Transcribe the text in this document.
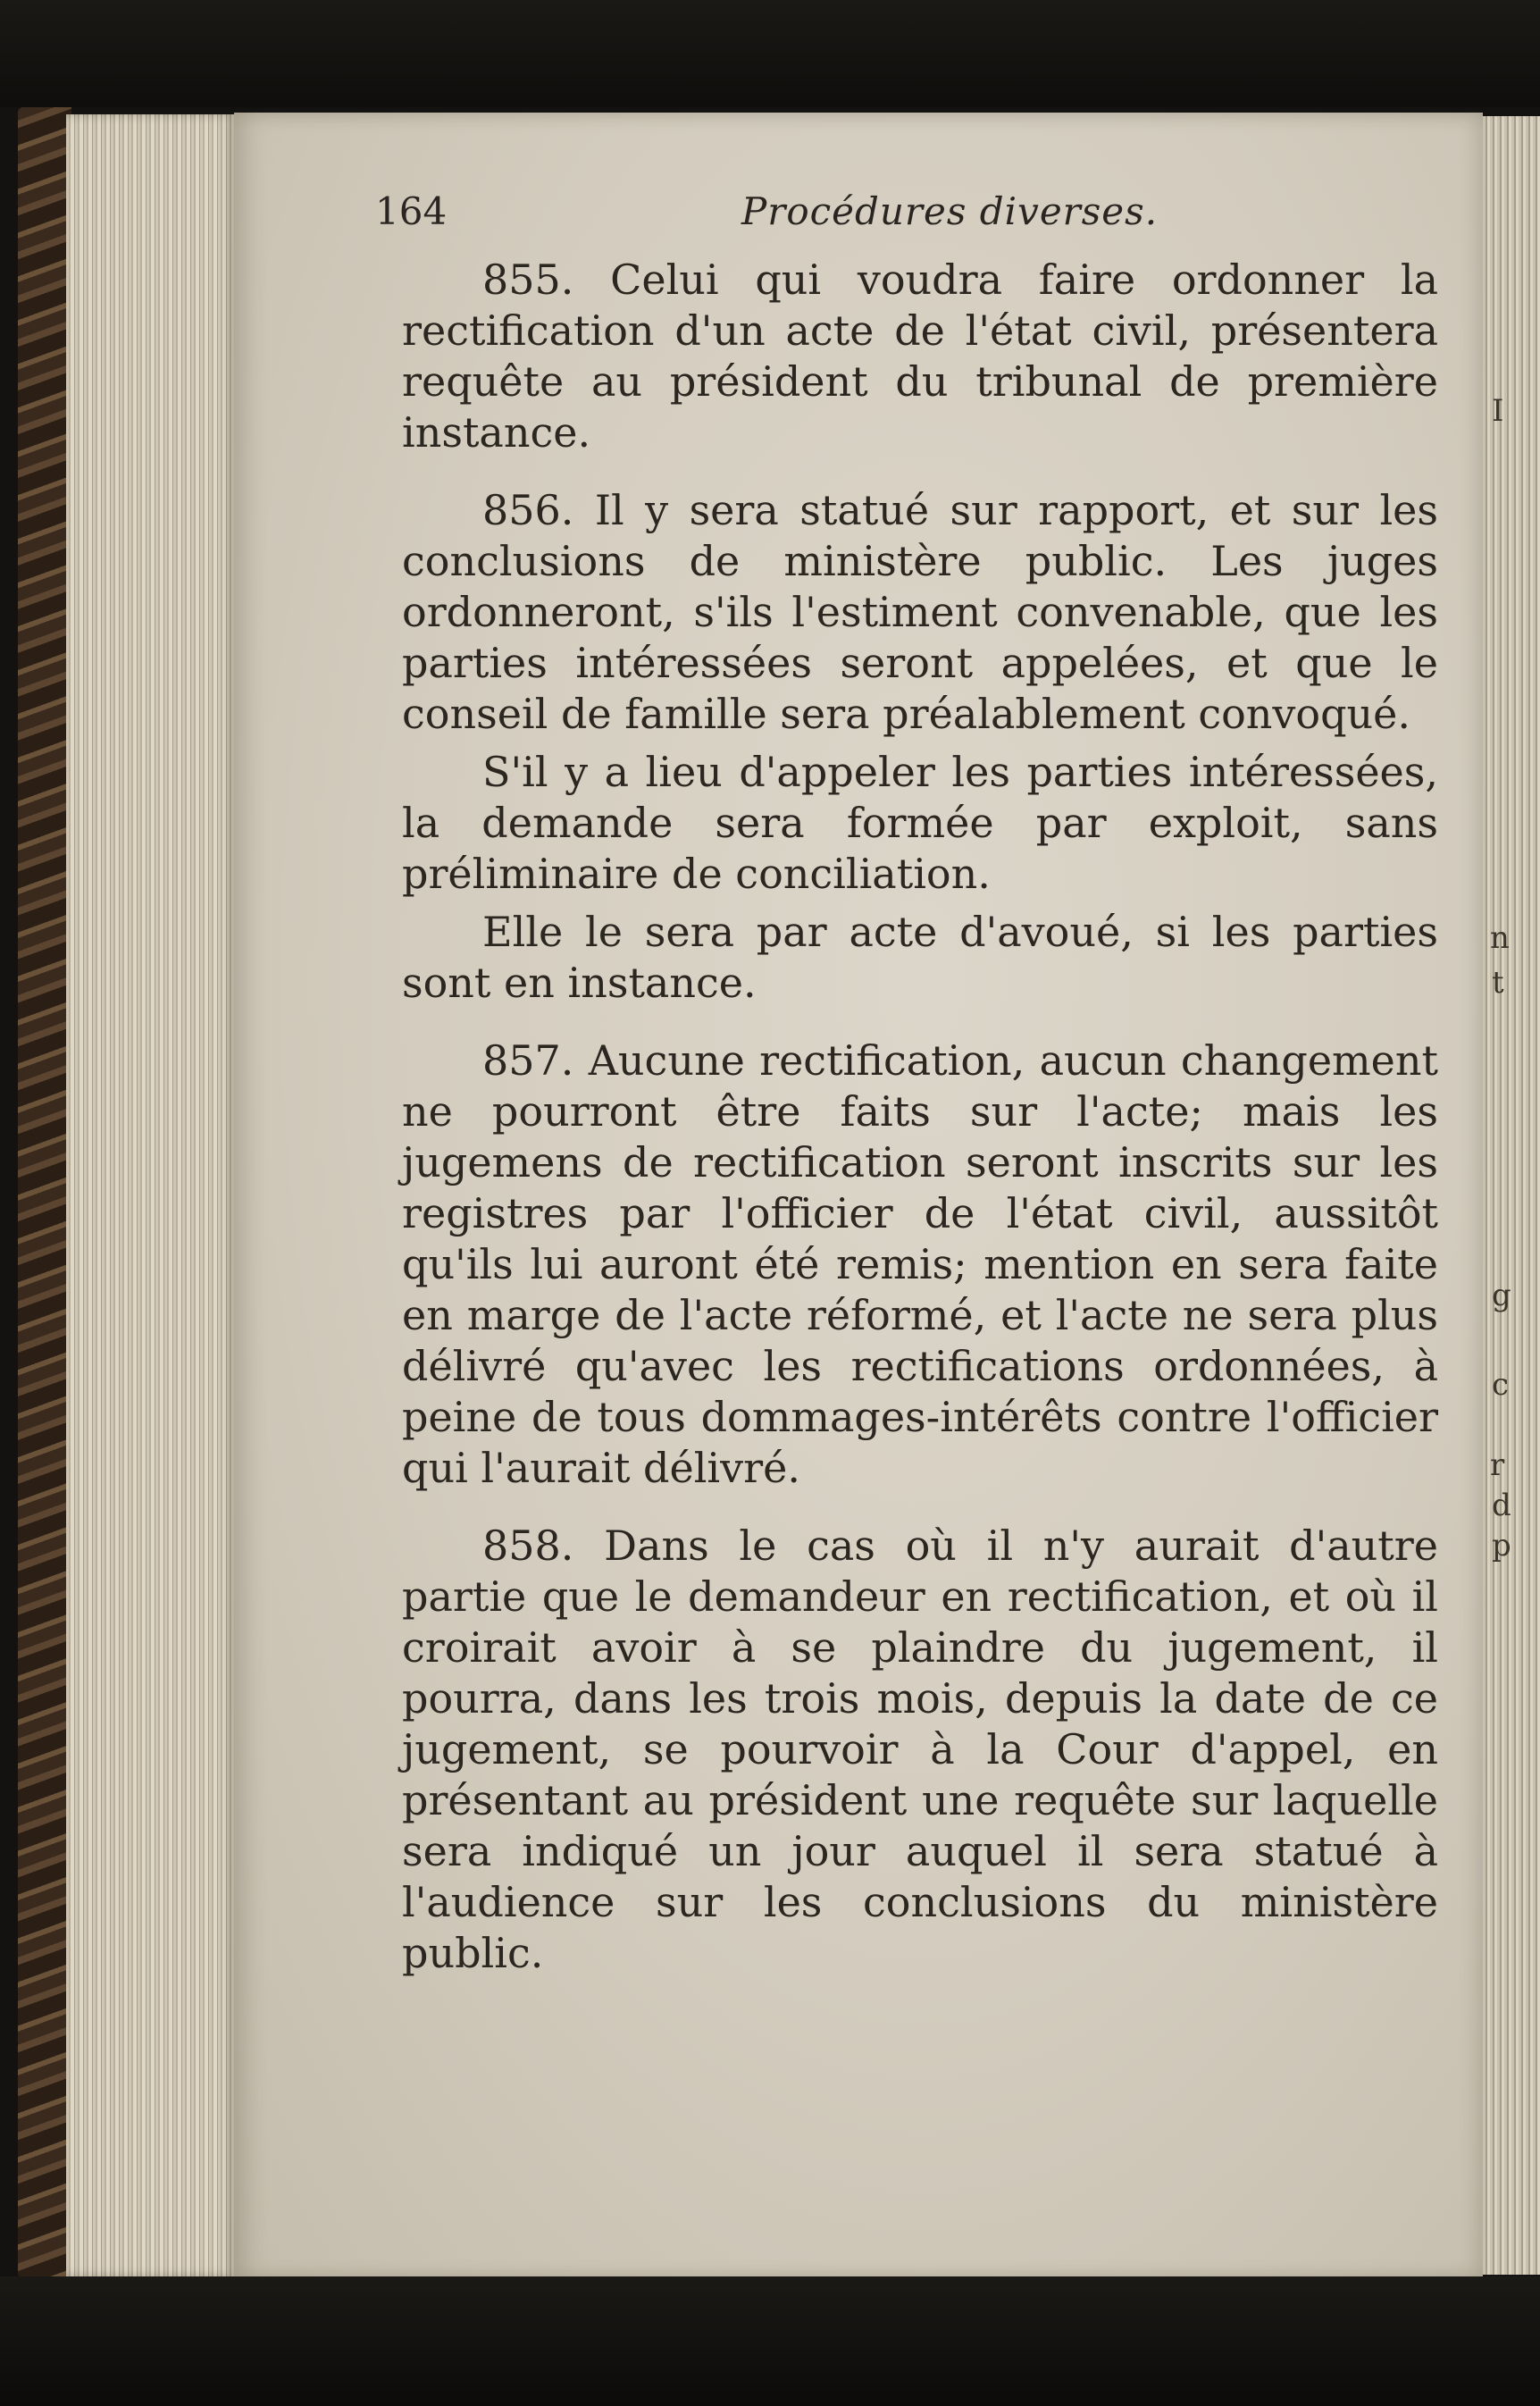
I
n
t
g
c
r
d
p
164	Procédures diverses.

855. Celui qui voudra faire ordonner la rectification d'un acte de l'état civil, présentera requête au président du tribunal de première instance.

856. Il y sera statué sur rapport, et sur les conclusions de ministère public. Les juges ordonneront, s'ils l'estiment convenable, que les parties intéressées seront appelées, et que le conseil de famille sera préalablement convoqué.

S'il y a lieu d'appeler les parties intéressées, la demande sera formée par exploit, sans préliminaire de conciliation.

Elle le sera par acte d'avoué, si les parties sont en instance.

857. Aucune rectification, aucun changement ne pourront être faits sur l'acte; mais les jugemens de rectification seront inscrits sur les registres par l'officier de l'état civil, aussitôt qu'ils lui auront été remis; mention en sera faite en marge de l'acte réformé, et l'acte ne sera plus délivré qu'avec les rectifications ordonnées, à peine de tous dommages-intérêts contre l'officier qui l'aurait délivré.

858. Dans le cas où il n'y aurait d'autre partie que le demandeur en rectification, et où il croirait avoir à se plaindre du jugement, il pourra, dans les trois mois, depuis la date de ce jugement, se pourvoir à la Cour d'appel, en présentant au président une requête sur laquelle sera indiqué un jour auquel il sera statué à l'audience sur les conclusions du ministère public.
